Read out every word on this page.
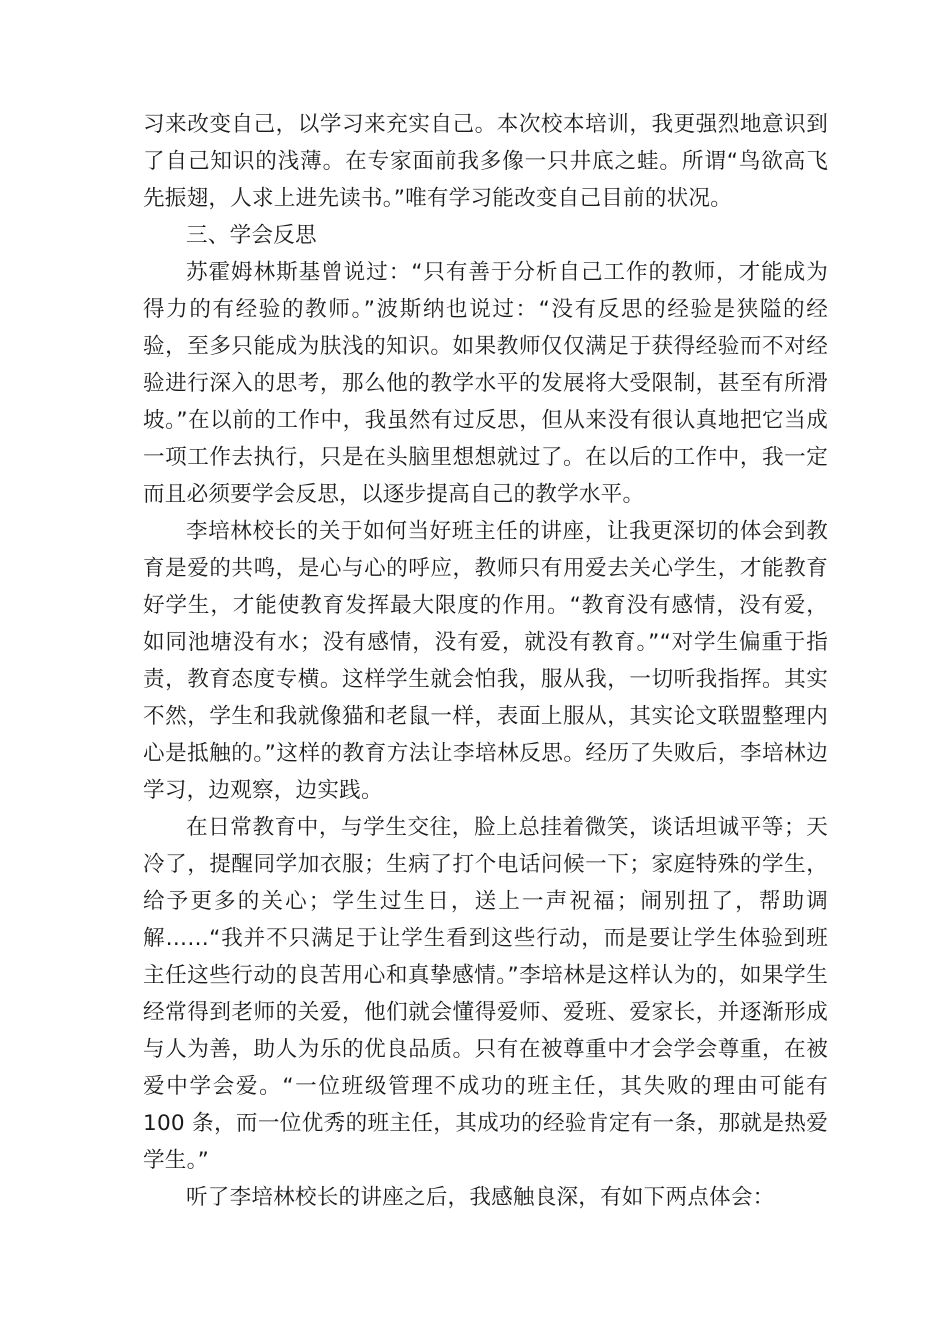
习来改变自己，以学习来充实自己。本次校本培训，我更强烈地意识到了自己知识的浅薄。在专家面前我多像一只井底之蛙。所谓“鸟欲高飞先振翅，人求上进先读书。”唯有学习能改变自己目前的状况。

三、学会反思

苏霍姆林斯基曾说过：“只有善于分析自己工作的教师，才能成为得力的有经验的教师。”波斯纳也说过：“没有反思的经验是狭隘的经验，至多只能成为肤浅的知识。如果教师仅仅满足于获得经验而不对经验进行深入的思考，那么他的教学水平的发展将大受限制，甚至有所滑坡。”在以前的工作中，我虽然有过反思，但从来没有很认真地把它当成一项工作去执行，只是在头脑里想想就过了。在以后的工作中，我一定而且必须要学会反思，以逐步提高自己的教学水平。

李培林校长的关于如何当好班主任的讲座，让我更深切的体会到教育是爱的共鸣，是心与心的呼应，教师只有用爱去关心学生，才能教育好学生，才能使教育发挥最大限度的作用。“教育没有感情，没有爱，如同池塘没有水；没有感情，没有爱，就没有教育。”“对学生偏重于指责，教育态度专横。这样学生就会怕我，服从我，一切听我指挥。其实不然，学生和我就像猫和老鼠一样，表面上服从，其实论文联盟整理内心是抵触的。”这样的教育方法让李培林反思。经历了失败后，李培林边学习，边观察，边实践。

在日常教育中，与学生交往，脸上总挂着微笑，谈话坦诚平等；天冷了，提醒同学加衣服；生病了打个电话问候一下；家庭特殊的学生，给予更多的关心；学生过生日，送上一声祝福；闹别扭了，帮助调解……“我并不只满足于让学生看到这些行动，而是要让学生体验到班主任这些行动的良苦用心和真挚感情。”李培林是这样认为的，如果学生经常得到老师的关爱，他们就会懂得爱师、爱班、爱家长，并逐渐形成与人为善，助人为乐的优良品质。只有在被尊重中才会学会尊重，在被爱中学会爱。“一位班级管理不成功的班主任，其失败的理由可能有 100 条，而一位优秀的班主任，其成功的经验肯定有一条，那就是热爱学生。”

听了李培林校长的讲座之后，我感触良深，有如下两点体会：
